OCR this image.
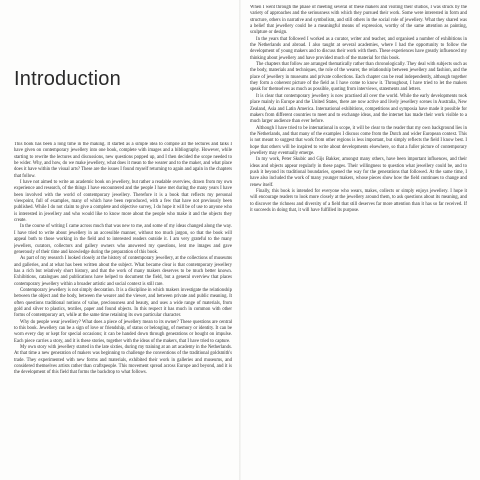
Introduction

This book has been a long time in the making. It started as a simple idea to compile all the lectures and talks I have given on contemporary jewellery into one book, complete with images and a bibliography. However, while starting to rewrite the lectures and discussions, new questions popped up, and I then decided the scope needed to be wider. Why, and how, do we make jewellery, what does it mean to the wearer and to the maker, and what place does it have within the visual arts? These are the issues I found myself returning to again and again in the chapters that follow.

I have not aimed to write an academic book on jewellery, but rather a readable overview, drawn from my own experience and research, of the things I have encountered and the people I have met during the many years I have been involved with the world of contemporary jewellery. Therefore it is a book that reflects my personal viewpoint, full of examples, many of which have been reproduced, with a few that have not previously been published. While I do not claim to give a complete and objective survey, I do hope it will be of use to anyone who is interested in jewellery and who would like to know more about the people who make it and the objects they create.

In the course of writing I came across much that was new to me, and some of my ideas changed along the way. I have tried to write about jewellery in an accessible manner, without too much jargon, so that the book will appeal both to those working in the field and to interested readers outside it. I am very grateful to the many jewellers, curators, collectors and gallery owners who answered my questions, lent me images and gave generously of their time and knowledge during the preparation of this book.

As part of my research I looked closely at the history of contemporary jewellery, at the collections of museums and galleries, and at what has been written about the subject. What became clear is that contemporary jewellery has a rich but relatively short history, and that the work of many makers deserves to be much better known. Exhibitions, catalogues and publications have helped to document the field, but a general overview that places contemporary jewellery within a broader artistic and social context is still rare.

Contemporary jewellery is not simply decoration. It is a discipline in which makers investigate the relationship between the object and the body, between the wearer and the viewer, and between private and public meaning. It often questions traditional notions of value, preciousness and beauty, and uses a wide range of materials, from gold and silver to plastics, textiles, paper and found objects. In this respect it has much in common with other forms of contemporary art, while at the same time retaining its own particular character.

Why do people wear jewellery? What does a piece of jewellery mean to its owner? These questions are central to this book. Jewellery can be a sign of love or friendship, of status or belonging, of memory or identity. It can be worn every day or kept for special occasions; it can be handed down through generations or bought on impulse. Each piece carries a story, and it is these stories, together with the ideas of the makers, that I have tried to capture.

My own story with jewellery started in the late sixties, during my training at an art academy in the Netherlands. At that time a new generation of makers was beginning to challenge the conventions of the traditional goldsmith's trade. They experimented with new forms and materials, exhibited their work in galleries and museums, and considered themselves artists rather than craftspeople. This movement spread across Europe and beyond, and it is the development of this field that forms the backdrop to what follows.

When I went through the phase of meeting several of these makers and visiting their studios, I was struck by the variety of approaches and the seriousness with which they pursued their work. Some were interested in form and structure, others in narrative and symbolism, and still others in the social role of jewellery. What they shared was a belief that jewellery could be a meaningful means of expression, worthy of the same attention as painting, sculpture or design.

In the years that followed I worked as a curator, writer and teacher, and organised a number of exhibitions in the Netherlands and abroad. I also taught at several academies, where I had the opportunity to follow the development of young makers and to discuss their work with them. These experiences have greatly influenced my thinking about jewellery and have provided much of the material for this book.

The chapters that follow are arranged thematically rather than chronologically. They deal with subjects such as the body, materials and techniques, the role of the wearer, the relationship between jewellery and fashion, and the place of jewellery in museums and private collections. Each chapter can be read independently, although together they form a coherent picture of the field as I have come to know it. Throughout, I have tried to let the makers speak for themselves as much as possible, quoting from interviews, statements and letters.

It is clear that contemporary jewellery is now practised all over the world. While the early developments took place mainly in Europe and the United States, there are now active and lively jewellery scenes in Australia, New Zealand, Asia and Latin America. International exhibitions, competitions and symposia have made it possible for makers from different countries to meet and to exchange ideas, and the internet has made their work visible to a much larger audience than ever before.

Although I have tried to be international in scope, it will be clear to the reader that my own background lies in the Netherlands, and that many of the examples I discuss come from the Dutch and wider European context. This is not meant to suggest that work from other regions is less important, but simply reflects the field I know best. I hope that others will be inspired to write about developments elsewhere, so that a fuller picture of contemporary jewellery may eventually emerge.

In my work, Peter Skubic and Gijs Bakker, amongst many others, have been important influences, and their ideas and objects appear regularly in these pages. Their willingness to question what jewellery could be, and to push it beyond its traditional boundaries, opened the way for the generations that followed. At the same time, I have also included the work of many younger makers, whose pieces show how the field continues to change and renew itself.

Finally, this book is intended for everyone who wears, makes, collects or simply enjoys jewellery. I hope it will encourage readers to look more closely at the jewellery around them, to ask questions about its meaning, and to discover the richness and diversity of a field that still deserves far more attention than it has so far received. If it succeeds in doing that, it will have fulfilled its purpose.
